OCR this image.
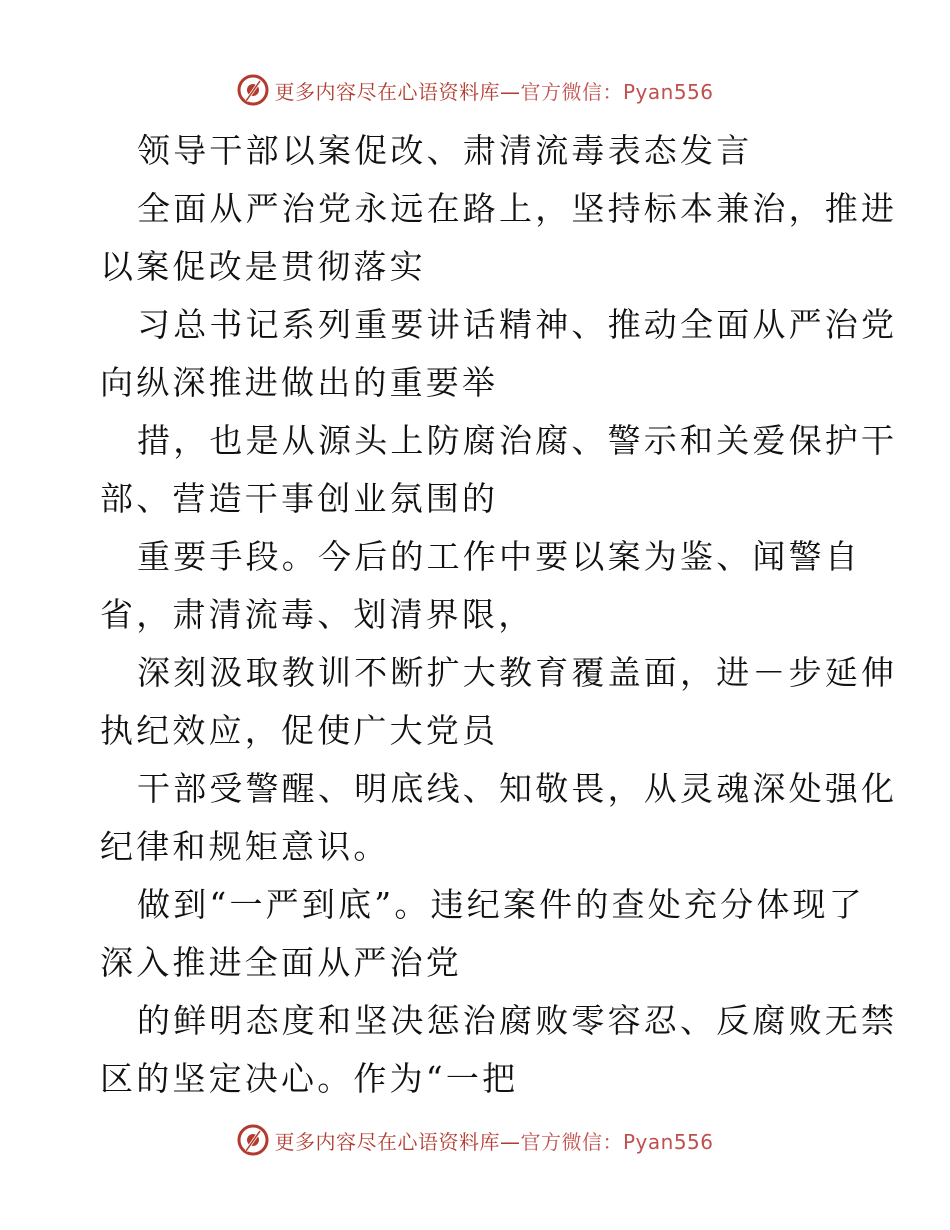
更多内容尽在心语资料库—官方微信：Pyan556
领导干部以案促改、肃清流毒表态发言
全面从严治党永远在路上，坚持标本兼治，推进
以案促改是贯彻落实
习总书记系列重要讲话精神、推动全面从严治党
向纵深推进做出的重要举
措，也是从源头上防腐治腐、警示和关爱保护干
部、营造干事创业氛围的
重要手段。今后的工作中要以案为鉴、闻警自
省，肃清流毒、划清界限，
深刻汲取教训不断扩大教育覆盖面，进－步延伸
执纪效应，促使广大党员
干部受警醒、明底线、知敬畏，从灵魂深处强化
纪律和规矩意识。
做到“一严到底”。违纪案件的查处充分体现了
深入推进全面从严治党
的鲜明态度和坚决惩治腐败零容忍、反腐败无禁
区的坚定决心。作为“一把
更多内容尽在心语资料库—官方微信：Pyan556
